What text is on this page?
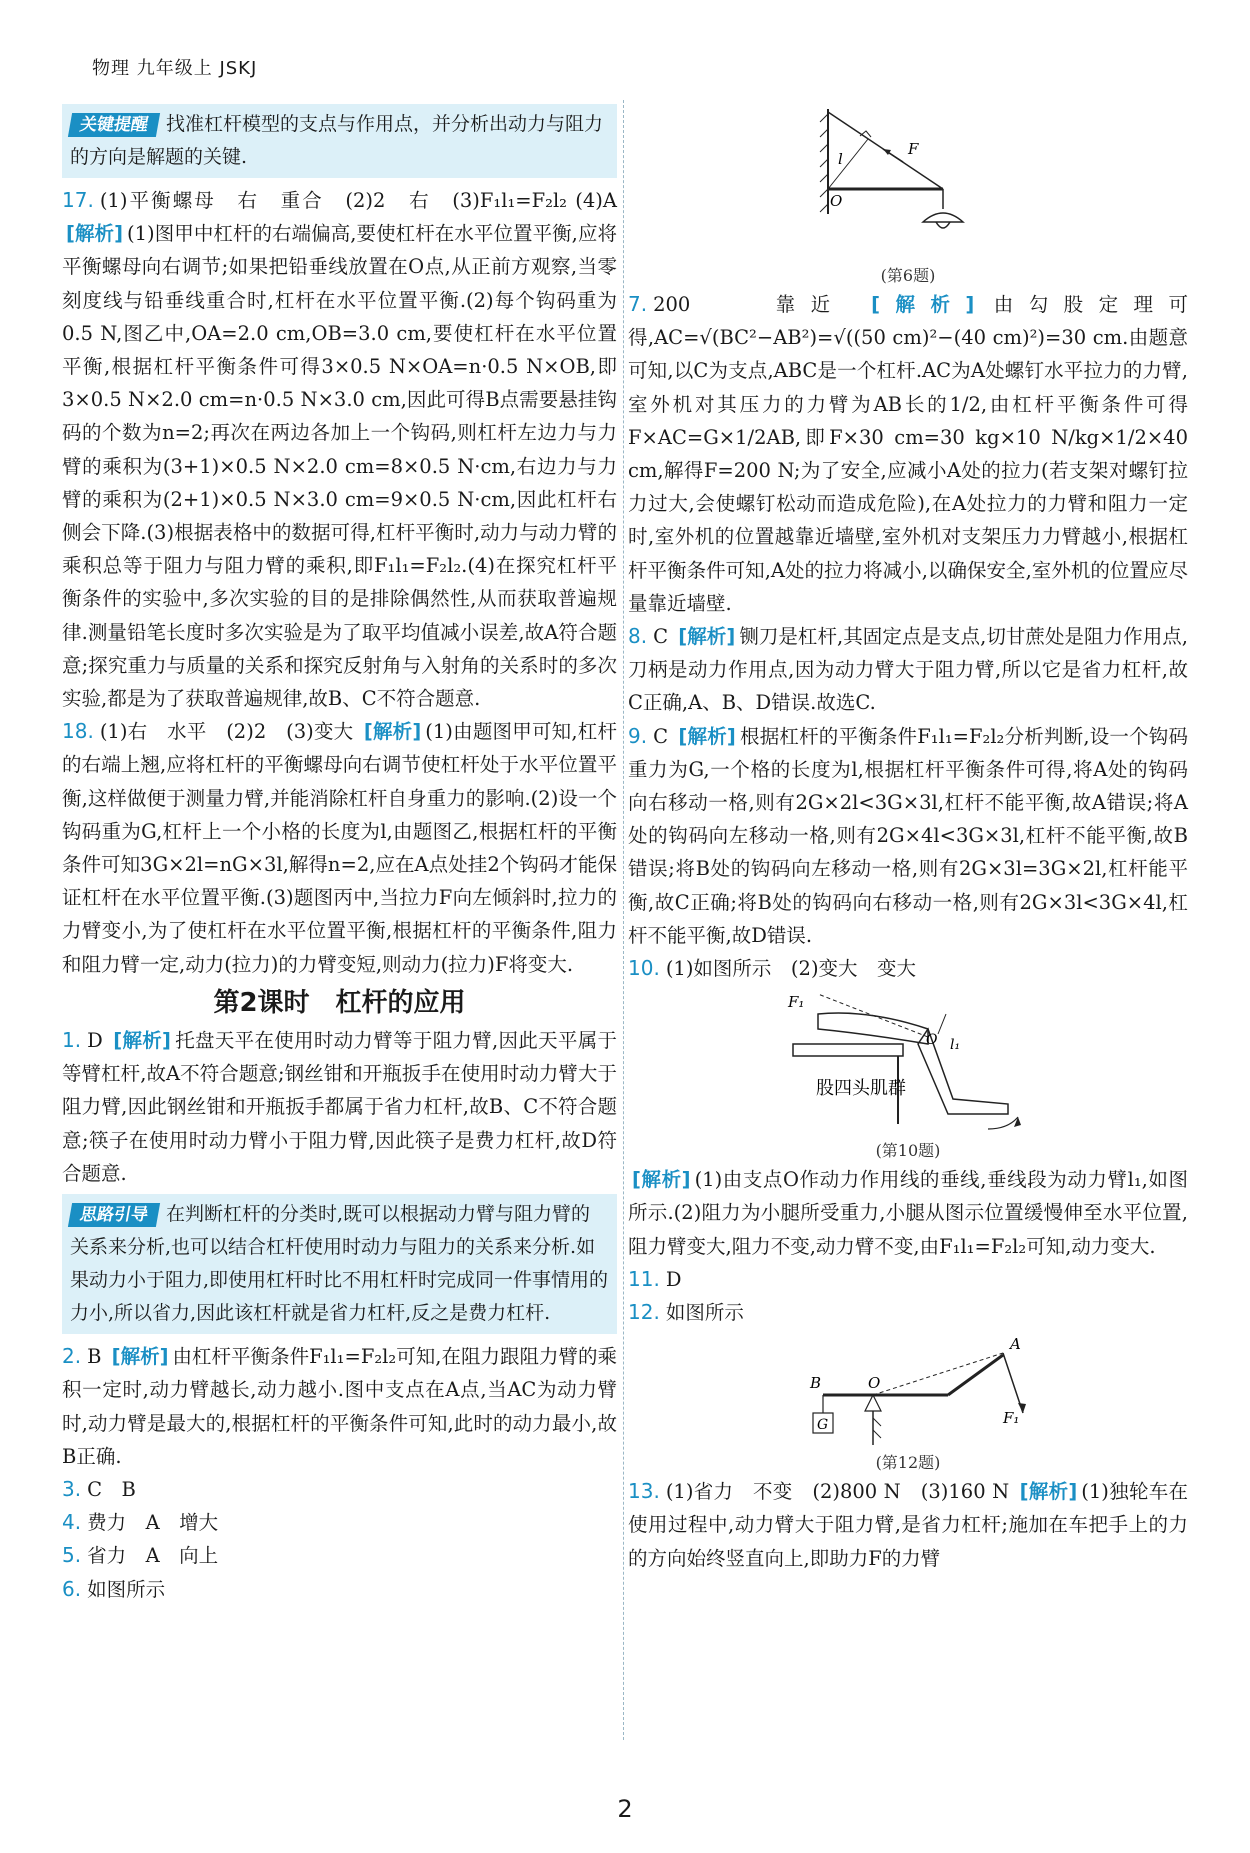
物理 九年级上 JSKJ
关键提醒 找准杠杆模型的支点与作用点，并分析出动力与阻力的方向是解题的关键.
17. (1)平衡螺母　右　重合　(2)2　右　(3)F₁l₁=F₂l₂ (4)A [解析] (1)图甲中杠杆的右端偏高,要使杠杆在水平位置平衡,应将平衡螺母向右调节;如果把铅垂线放置在O点,从正前方观察,当零刻度线与铅垂线重合时,杠杆在水平位置平衡.(2)每个钩码重为0.5 N,图乙中,OA=2.0 cm,OB=3.0 cm,要使杠杆在水平位置平衡,根据杠杆平衡条件可得3×0.5 N×OA=n·0.5 N×OB,即3×0.5 N×2.0 cm=n·0.5 N×3.0 cm,因此可得B点需要悬挂钩码的个数为n=2;再次在两边各加上一个钩码,则杠杆左边力与力臂的乘积为(3+1)×0.5 N×2.0 cm=8×0.5 N·cm,右边力与力臂的乘积为(2+1)×0.5 N×3.0 cm=9×0.5 N·cm,因此杠杆右侧会下降.(3)根据表格中的数据可得,杠杆平衡时,动力与动力臂的乘积总等于阻力与阻力臂的乘积,即F₁l₁=F₂l₂.(4)在探究杠杆平衡条件的实验中,多次实验的目的是排除偶然性,从而获取普遍规律.测量铅笔长度时多次实验是为了取平均值减小误差,故A符合题意;探究重力与质量的关系和探究反射角与入射角的关系时的多次实验,都是为了获取普遍规律,故B、C不符合题意.
18. (1)右　水平　(2)2　(3)变大 [解析] (1)由题图甲可知,杠杆的右端上翘,应将杠杆的平衡螺母向右调节使杠杆处于水平位置平衡,这样做便于测量力臂,并能消除杠杆自身重力的影响.(2)设一个钩码重为G,杠杆上一个小格的长度为l,由题图乙,根据杠杆的平衡条件可知3G×2l=nG×3l,解得n=2,应在A点处挂2个钩码才能保证杠杆在水平位置平衡.(3)题图丙中,当拉力F向左倾斜时,拉力的力臂变小,为了使杠杆在水平位置平衡,根据杠杆的平衡条件,阻力和阻力臂一定,动力(拉力)的力臂变短,则动力(拉力)F将变大.
第2课时　杠杆的应用
1. D [解析] 托盘天平在使用时动力臂等于阻力臂,因此天平属于等臂杠杆,故A不符合题意;钢丝钳和开瓶扳手在使用时动力臂大于阻力臂,因此钢丝钳和开瓶扳手都属于省力杠杆,故B、C不符合题意;筷子在使用时动力臂小于阻力臂,因此筷子是费力杠杆,故D符合题意.
思路引导 在判断杠杆的分类时,既可以根据动力臂与阻力臂的关系来分析,也可以结合杠杆使用时动力与阻力的关系来分析.如果动力小于阻力,即使用杠杆时比不用杠杆时完成同一件事情用的力小,所以省力,因此该杠杆就是省力杠杆,反之是费力杠杆.
2. B [解析] 由杠杆平衡条件F₁l₁=F₂l₂可知,在阻力跟阻力臂的乘积一定时,动力臂越长,动力越小.图中支点在A点,当AC为动力臂时,动力臂是最大的,根据杠杆的平衡条件可知,此时的动力最小,故B正确.
3. C　B
4. 费力　A　增大
5. 省力　A　向上
6. 如图所示
l
F
O
(第6题)
7. 200　　靠近 [解析] 由勾股定理可得,AC=√(BC²−AB²)=√((50 cm)²−(40 cm)²)=30 cm.由题意可知,以C为支点,ABC是一个杠杆.AC为A处螺钉水平拉力的力臂,室外机对其压力的力臂为AB长的1/2,由杠杆平衡条件可得F×AC=G×1/2AB,即F×30 cm=30 kg×10 N/kg×1/2×40 cm,解得F=200 N;为了安全,应减小A处的拉力(若支架对螺钉拉力过大,会使螺钉松动而造成危险),在A处拉力的力臂和阻力一定时,室外机的位置越靠近墙壁,室外机对支架压力力臂越小,根据杠杆平衡条件可知,A处的拉力将减小,以确保安全,室外机的位置应尽量靠近墙壁.
8. C [解析] 铡刀是杠杆,其固定点是支点,切甘蔗处是阻力作用点,刀柄是动力作用点,因为动力臂大于阻力臂,所以它是省力杠杆,故C正确,A、B、D错误.故选C.
9. C [解析] 根据杠杆的平衡条件F₁l₁=F₂l₂分析判断,设一个钩码重力为G,一个格的长度为l,根据杠杆平衡条件可得,将A处的钩码向右移动一格,则有2G×2l<3G×3l,杠杆不能平衡,故A错误;将A处的钩码向左移动一格,则有2G×4l<3G×3l,杠杆不能平衡,故B错误;将B处的钩码向左移动一格,则有2G×3l=3G×2l,杠杆能平衡,故C正确;将B处的钩码向右移动一格,则有2G×3l<3G×4l,杠杆不能平衡,故D错误.
10. (1)如图所示　(2)变大　变大
F₁
O l₁
股四头肌群
(第10题)
[解析] (1)由支点O作动力作用线的垂线,垂线段为动力臂l₁,如图所示.(2)阻力为小腿所受重力,小腿从图示位置缓慢伸至水平位置,阻力臂变大,阻力不变,动力臂不变,由F₁l₁=F₂l₂可知,动力变大.
11. D
12. 如图所示
A
B	O
F₁
G
(第12题)
13. (1)省力　不变　(2)800 N　(3)160 N [解析] (1)独轮车在使用过程中,动力臂大于阻力臂,是省力杠杆;施加在车把手上的力的方向始终竖直向上,即助力F的力臂
2
